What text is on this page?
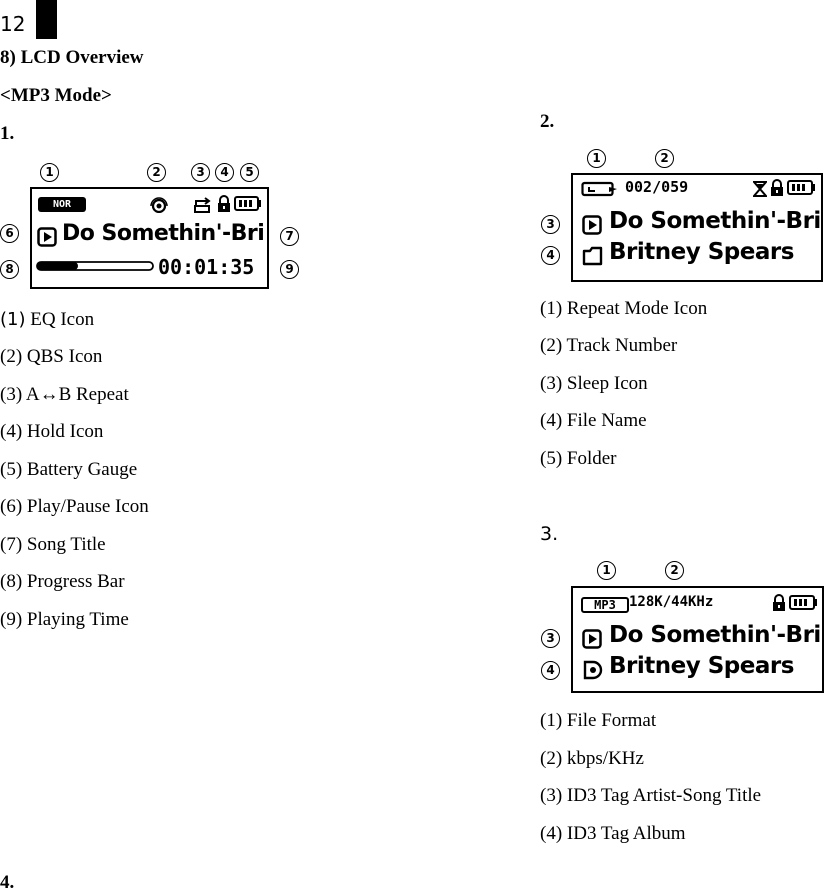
12
8) LCD Overview
<MP3 Mode>
1.
1	2	3	4	5
6	7
8	9
NOR
Do Somethin'-Bri
00:01:35
(1) EQ Icon
(2) QBS Icon
(3) A↔B Repeat
(4) Hold Icon
(5) Battery Gauge
(6) Play/Pause Icon
(7) Song Title
(8) Progress Bar
(9) Playing Time
2.
1	2
3
4
002/059
Do Somethin'-Bri
Britney Spears
(1) Repeat Mode Icon
(2) Track Number
(3) Sleep Icon
(4) File Name
(5) Folder
3.
1	2
3
4
MP3 128K/44KHz
Do Somethin'-Bri
Britney Spears
(1) File Format
(2) kbps/KHz
(3) ID3 Tag Artist-Song Title
(4) ID3 Tag Album
4.
